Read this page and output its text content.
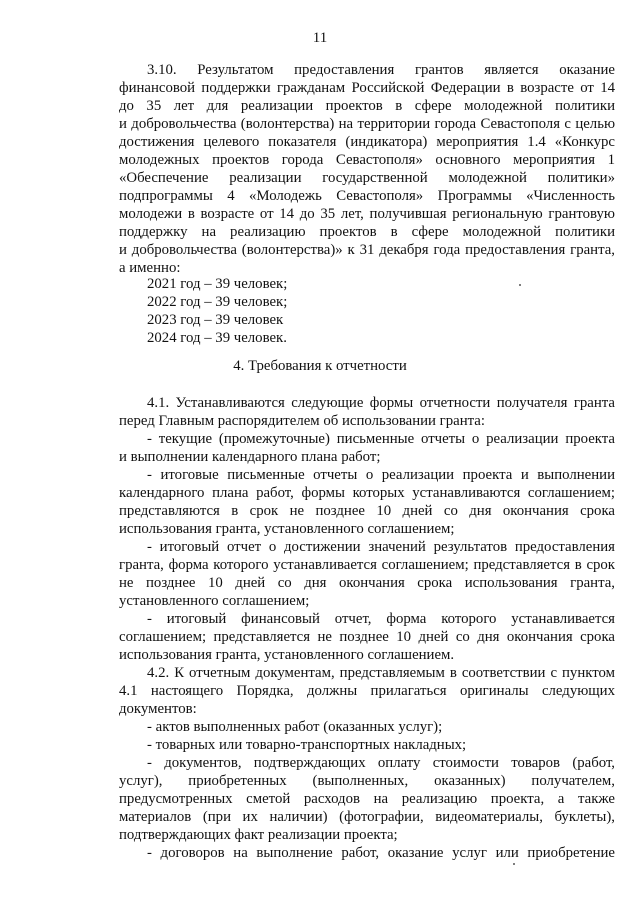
11
3.10. Результатом предоставления грантов является оказание
финансовой поддержки гражданам Российской Федерации в возрасте от 14
до 35 лет для реализации проектов в сфере молодежной политики
и добровольчества (волонтерства) на территории города Севастополя с целью
достижения целевого показателя (индикатора) мероприятия 1.4 «Конкурс
молодежных проектов города Севастополя» основного мероприятия 1
«Обеспечение реализации государственной молодежной политики»
подпрограммы 4 «Молодежь Севастополя» Программы «Численность
молодежи в возрасте от 14 до 35 лет, получившая региональную грантовую
поддержку на реализацию проектов в сфере молодежной политики
и добровольчества (волонтерства)» к 31 декабря года предоставления гранта,
а именно:
2021 год – 39 человек;
2022 год – 39 человек;
2023 год – 39 человек
2024 год – 39 человек.
4. Требования к отчетности
4.1. Устанавливаются следующие формы отчетности получателя гранта
перед Главным распорядителем об использовании гранта:
- текущие (промежуточные) письменные отчеты о реализации проекта
и выполнении календарного плана работ;
- итоговые письменные отчеты о реализации проекта и выполнении
календарного плана работ, формы которых устанавливаются соглашением;
представляются в срок не позднее 10 дней со дня окончания срока
использования гранта, установленного соглашением;
- итоговый отчет о достижении значений результатов предоставления
гранта, форма которого устанавливается соглашением; представляется в срок
не позднее 10 дней со дня окончания срока использования гранта,
установленного соглашением;
- итоговый финансовый отчет, форма которого устанавливается
соглашением; представляется не позднее 10 дней со дня окончания срока
использования гранта, установленного соглашением.
4.2. К отчетным документам, представляемым в соответствии с пунктом
4.1 настоящего Порядка, должны прилагаться оригиналы следующих
документов:
- актов выполненных работ (оказанных услуг);
- товарных или товарно-транспортных накладных;
- документов, подтверждающих оплату стоимости товаров (работ,
услуг), приобретенных (выполненных, оказанных) получателем,
предусмотренных сметой расходов на реализацию проекта, а также
материалов (при их наличии) (фотографии, видеоматериалы, буклеты),
подтверждающих факт реализации проекта;
- договоров на выполнение работ, оказание услуг или приобретение
